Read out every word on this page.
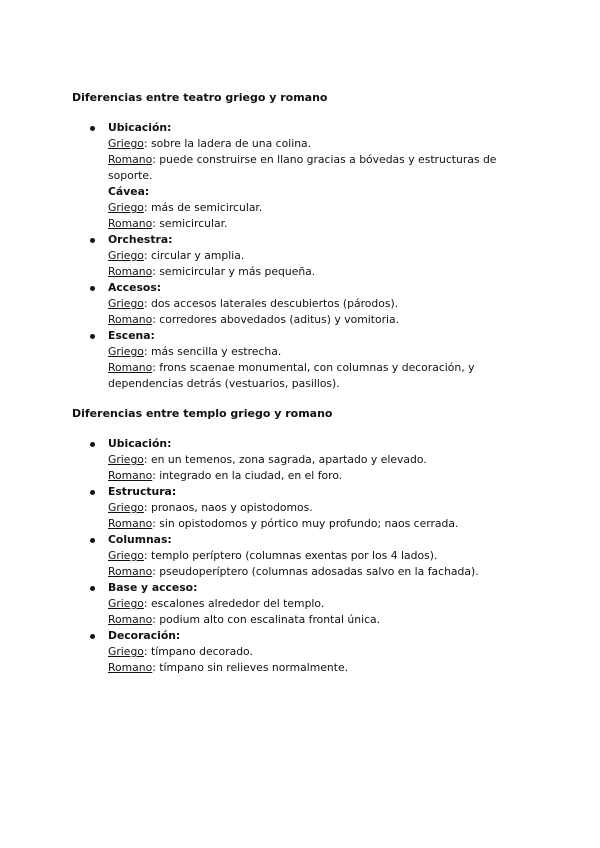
Diferencias entre teatro griego y romano
Ubicación:
Griego: sobre la ladera de una colina.
Romano: puede construirse en llano gracias a bóvedas y estructuras de soporte.
Cávea:
Griego: más de semicircular.
Romano: semicircular.
Orchestra:
Griego: circular y amplia.
Romano: semicircular y más pequeña.
Accesos:
Griego: dos accesos laterales descubiertos (párodos).
Romano: corredores abovedados (aditus) y vomitoria.
Escena:
Griego: más sencilla y estrecha.
Romano: frons scaenae monumental, con columnas y decoración, y dependencias detrás (vestuarios, pasillos).
Diferencias entre templo griego y romano
Ubicación:
Griego: en un temenos, zona sagrada, apartado y elevado.
Romano: integrado en la ciudad, en el foro.
Estructura:
Griego: pronaos, naos y opistodomos.
Romano: sin opistodomos y pórtico muy profundo; naos cerrada.
Columnas:
Griego: templo períptero (columnas exentas por los 4 lados).
Romano: pseudoperíptero (columnas adosadas salvo en la fachada).
Base y acceso:
Griego: escalones alrededor del templo.
Romano: podium alto con escalinata frontal única.
Decoración:
Griego: tímpano decorado.
Romano: tímpano sin relieves normalmente.
